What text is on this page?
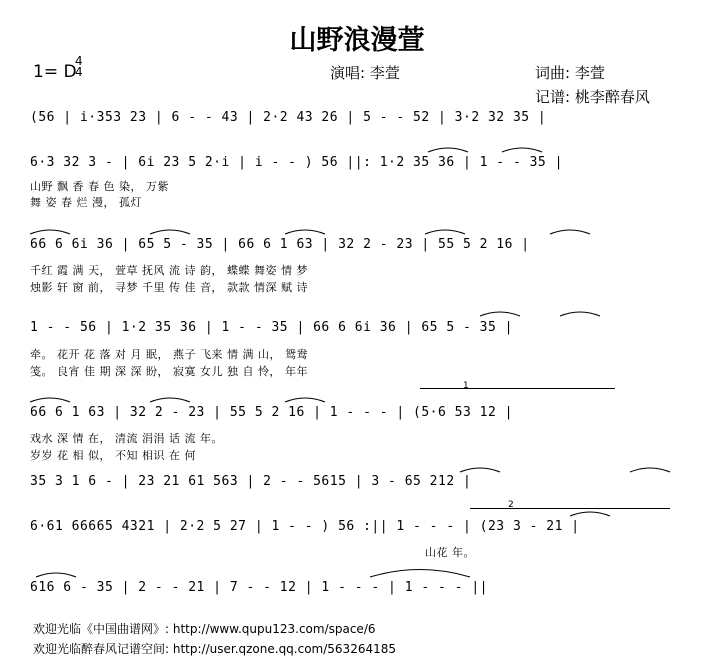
山野浪漫萱
1= D
4
4	演唱: 李萱	词曲: 李萱
记谱: 桃李醉春风
(56 | i·353 23 | 6 - - 43 | 2·2 43 26 | 5 - - 52 | 3·2 32 35 |
6·3 32 3 - | 6i 23 5 2·i | i - - ) 56 ||: 1·2 35 36 | 1 - - 35 |
山野 飘 香 春 色 染， 万紫
舞 姿 春 烂 漫， 孤灯
66 6 6i 36 | 65 5 - 35 | 66 6 1 63 | 32 2 - 23 | 55 5 2 16 |
千红 霞 满 天， 萱草 抚风 流 诗 韵， 蝶蝶 舞姿 情 梦
烛影 轩 窗 前， 寻梦 千里 传 佳 音， 款款 情深 赋 诗
1 - - 56 | 1·2 35 36 | 1 - - 35 | 66 6 6i 36 | 65 5 - 35 |
牵。 花开 花 落 对 月 眠， 燕子 飞来 情 满 山， 鸳鸯
笺。 良宵 佳 期 深 深 盼， 寂寞 女儿 独 自 怜， 年年
1
66 6 1 63 | 32 2 - 23 | 55 5 2 16 | 1 - - - | (5·6 53 12 |
戏水 深 情 在， 清流 涓涓 话 流 年。
岁岁 花 相 似， 不知 相识 在 何
35 3 1 6 - | 23 21 61 563 | 2 - - 5615 | 3 - 65 212 |
2
6·61 66665 4321 | 2·2 5 27 | 1 - - ) 56 :|| 1 - - - | (23 3 - 21 |
山花 年。
616 6 - 35 | 2 - - 21 | 7 - - 12 | 1 - - - | 1 - - - ||
欢迎光临《中国曲谱网》: http://www.qupu123.com/space/6
欢迎光临醉春风记谱空间: http://user.qzone.qq.com/563264185
